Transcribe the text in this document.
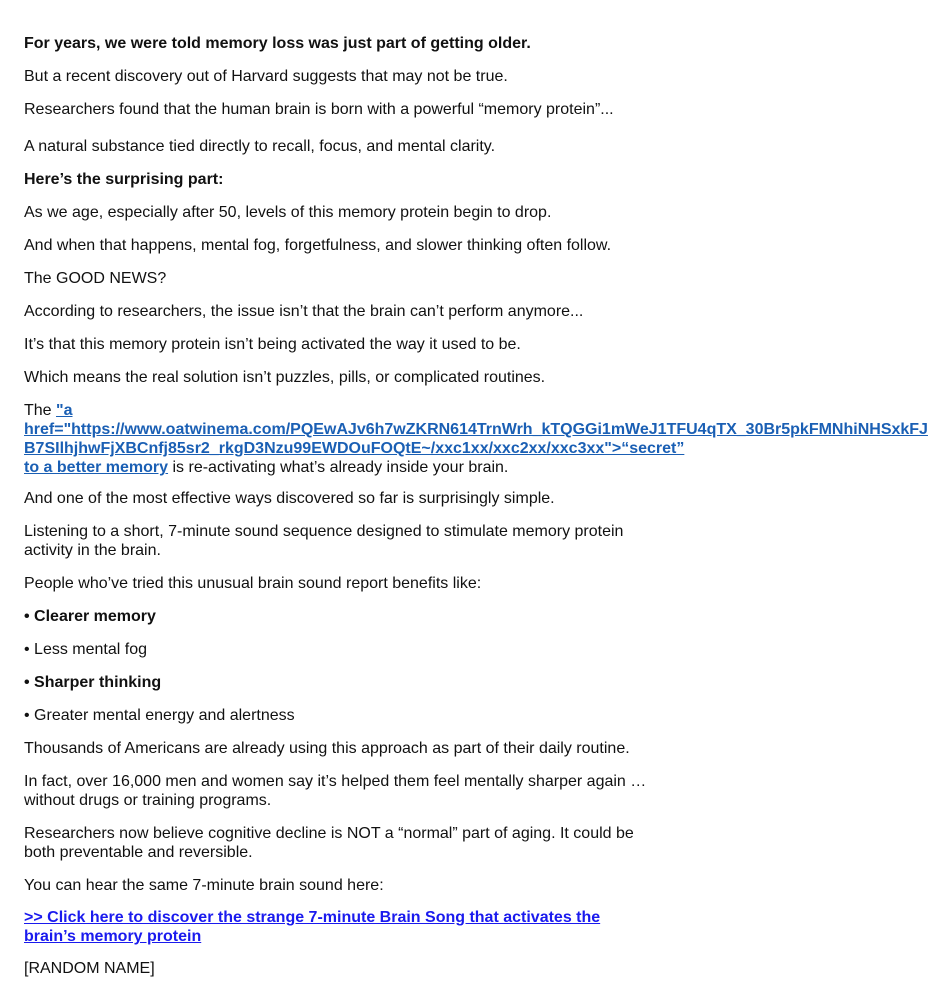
For years, we were told memory loss was just part of getting older.

But a recent discovery out of Harvard suggests that may not be true.

Researchers found that the human brain is born with a powerful “memory protein”...

A natural substance tied directly to recall, focus, and mental clarity.

Here’s the surprising part:

As we age, especially after 50, levels of this memory protein begin to drop.

And when that happens, mental fog, forgetfulness, and slower thinking often follow.

The GOOD NEWS?

According to researchers, the issue isn’t that the brain can’t perform anymore...

It’s that this memory protein isn’t being activated the way it used to be.

Which means the real solution isn’t puzzles, pills, or complicated routines.

The "a
href="https://www.oatwinema.com/PQEwAJv6h7wZKRN614TrnWrh_kTQGGi1mWeJ1TFU4qTX_30Br5pkFMNhiNHSxkFJ
B7SIlhjhwFjXBCnfj85sr2_rkgD3Nzu99EWDOuFOQtE~/xxc1xx/xxc2xx/xxc3xx">“secret”
to a better memory is re-activating what’s already inside your brain.

And one of the most effective ways discovered so far is surprisingly simple.

Listening to a short, 7-minute sound sequence designed to stimulate memory protein activity in the brain.

People who’ve tried this unusual brain sound report benefits like:

• Clearer memory

• Less mental fog

• Sharper thinking

• Greater mental energy and alertness

Thousands of Americans are already using this approach as part of their daily routine.

In fact, over 16,000 men and women say it’s helped them feel mentally sharper again … without drugs or training programs.

Researchers now believe cognitive decline is NOT a “normal” part of aging. It could be both preventable and reversible.

You can hear the same 7-minute brain sound here:

>> Click here to discover the strange 7-minute Brain Song that activates the brain’s memory protein

[RANDOM NAME]
